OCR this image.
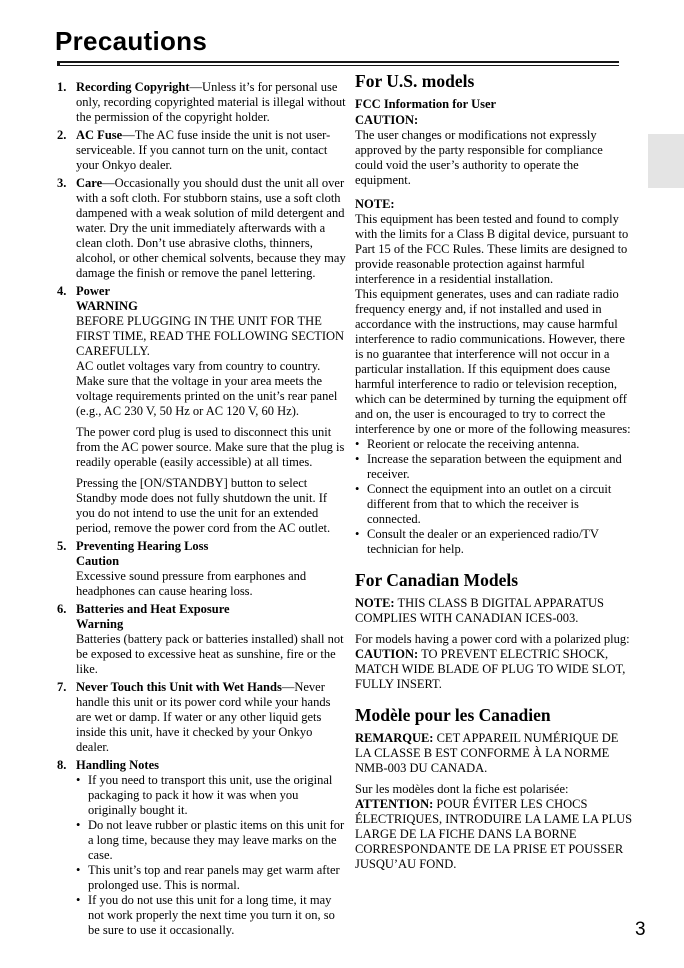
Precautions
1. Recording Copyright—Unless it’s for personal use only, recording copyrighted material is illegal without the permission of the copyright holder.
2. AC Fuse—The AC fuse inside the unit is not user-serviceable. If you cannot turn on the unit, contact your Onkyo dealer.
3. Care—Occasionally you should dust the unit all over with a soft cloth. For stubborn stains, use a soft cloth dampened with a weak solution of mild detergent and water. Dry the unit immediately afterwards with a clean cloth. Don’t use abrasive cloths, thinners, alcohol, or other chemical solvents, because they may damage the finish or remove the panel lettering.
4. Power
WARNING
BEFORE PLUGGING IN THE UNIT FOR THE FIRST TIME, READ THE FOLLOWING SECTION CAREFULLY.
AC outlet voltages vary from country to country. Make sure that the voltage in your area meets the voltage requirements printed on the unit’s rear panel (e.g., AC 230 V, 50 Hz or AC 120 V, 60 Hz).
The power cord plug is used to disconnect this unit from the AC power source. Make sure that the plug is readily operable (easily accessible) at all times.
Pressing the [ON/STANDBY] button to select Standby mode does not fully shutdown the unit. If you do not intend to use the unit for an extended period, remove the power cord from the AC outlet.
5. Preventing Hearing Loss
Caution
Excessive sound pressure from earphones and headphones can cause hearing loss.
6. Batteries and Heat Exposure
Warning
Batteries (battery pack or batteries installed) shall not be exposed to excessive heat as sunshine, fire or the like.
7. Never Touch this Unit with Wet Hands—Never handle this unit or its power cord while your hands are wet or damp. If water or any other liquid gets inside this unit, have it checked by your Onkyo dealer.
8. Handling Notes
• If you need to transport this unit, use the original packaging to pack it how it was when you originally bought it.
• Do not leave rubber or plastic items on this unit for a long time, because they may leave marks on the case.
• This unit’s top and rear panels may get warm after prolonged use. This is normal.
• If you do not use this unit for a long time, it may not work properly the next time you turn it on, so be sure to use it occasionally.
For U.S. models
FCC Information for User
CAUTION:
The user changes or modifications not expressly approved by the party responsible for compliance could void the user’s authority to operate the equipment.
NOTE:
This equipment has been tested and found to comply with the limits for a Class B digital device, pursuant to Part 15 of the FCC Rules. These limits are designed to provide reasonable protection against harmful interference in a residential installation.
This equipment generates, uses and can radiate radio frequency energy and, if not installed and used in accordance with the instructions, may cause harmful interference to radio communications. However, there is no guarantee that interference will not occur in a particular installation. If this equipment does cause harmful interference to radio or television reception, which can be determined by turning the equipment off and on, the user is encouraged to try to correct the interference by one or more of the following measures:
• Reorient or relocate the receiving antenna.
• Increase the separation between the equipment and receiver.
• Connect the equipment into an outlet on a circuit different from that to which the receiver is connected.
• Consult the dealer or an experienced radio/TV technician for help.
For Canadian Models
NOTE: THIS CLASS B DIGITAL APPARATUS COMPLIES WITH CANADIAN ICES-003.
For models having a power cord with a polarized plug:
CAUTION: TO PREVENT ELECTRIC SHOCK, MATCH WIDE BLADE OF PLUG TO WIDE SLOT, FULLY INSERT.
Modèle pour les Canadien
REMARQUE: CET APPAREIL NUMÉRIQUE DE LA CLASSE B EST CONFORME À LA NORME NMB-003 DU CANADA.
Sur les modèles dont la fiche est polarisée:
ATTENTION: POUR ÉVITER LES CHOCS ÉLECTRIQUES, INTRODUIRE LA LAME LA PLUS LARGE DE LA FICHE DANS LA BORNE CORRESPONDANTE DE LA PRISE ET POUSSER JUSQU’AU FOND.
3
